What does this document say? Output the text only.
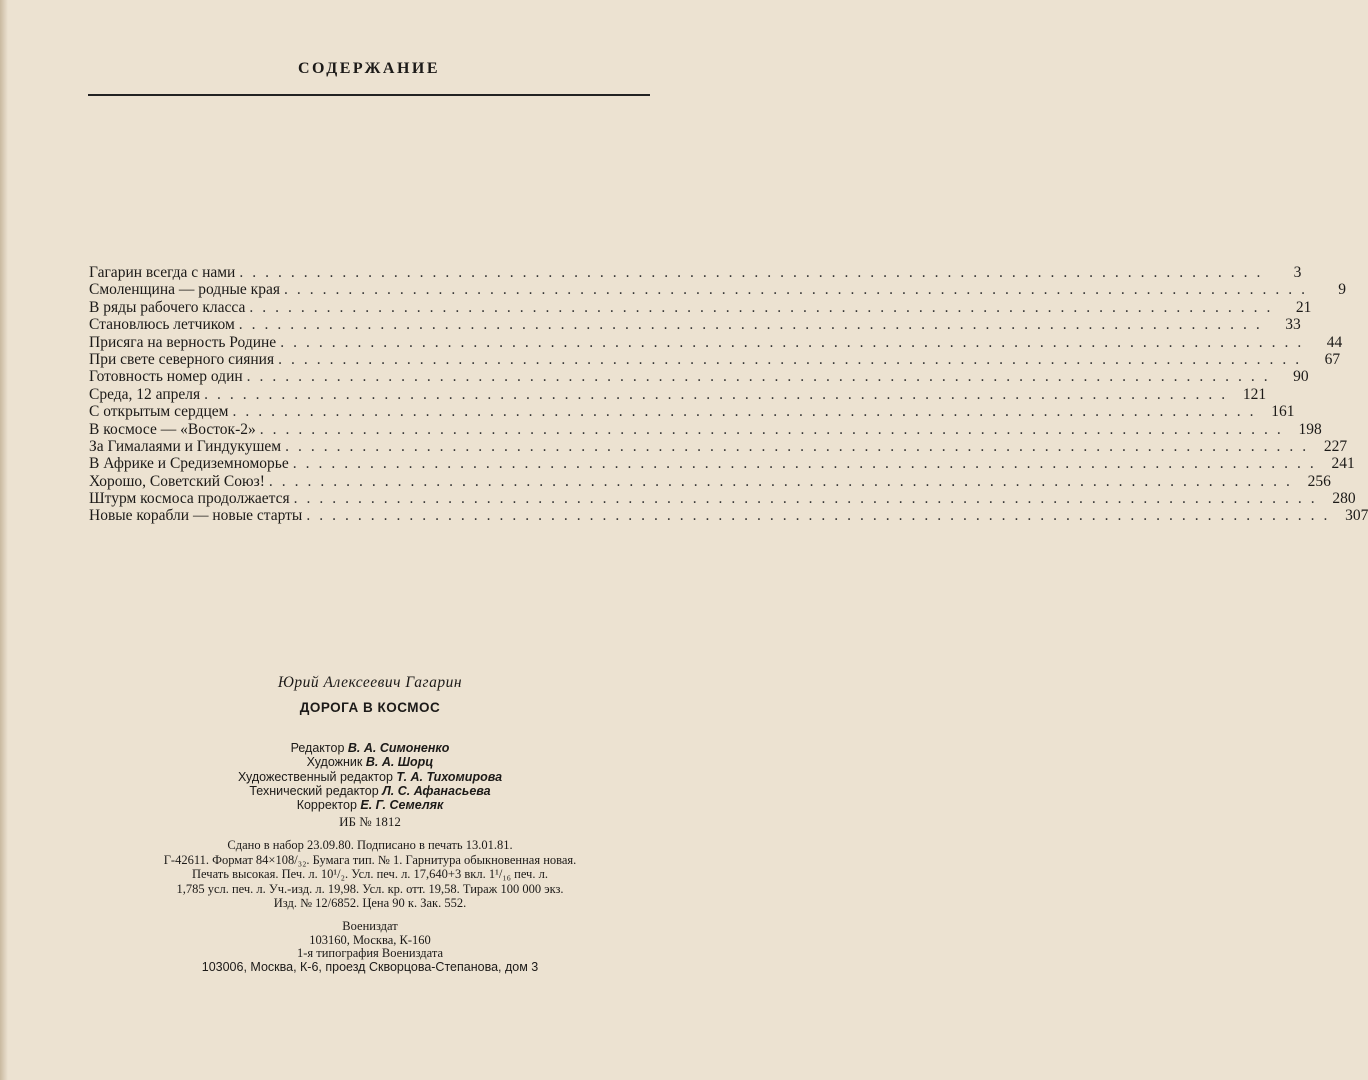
СОДЕРЖАНИЕ
Гагарин всегда с нами ................................................................................	3
Смоленщина — родные края ................................................................................	9
В ряды рабочего класса ................................................................................	21
Становлюсь летчиком ................................................................................	33
Присяга на верность Родине ................................................................................	44
При свете северного сияния ................................................................................	67
Готовность номер один ................................................................................	90
Среда, 12 апреля ................................................................................ 121
С открытым сердцем ................................................................................ 161
В космосе — «Восток-2» ................................................................................ 198
За Гималаями и Гиндукушем ................................................................................ 227
В Африке и Средиземноморье ................................................................................ 241
Хорошо, Советский Союз! ................................................................................ 256
Штурм космоса продолжается ................................................................................ 280
Новые корабли — новые старты ................................................................................ 307
Юрий Алексеевич Гагарин
ДОРОГА В КОСМОС
Редактор В. А. Симоненко
Художник В. А. Шорц
Художественный редактор Т. А. Тихомирова
Технический редактор Л. С. Афанасьева
Корректор Е. Г. Семеляк
ИБ № 1812
Сдано в набор 23.09.80. Подписано в печать 13.01.81.
Г-42611. Формат 84×108/₃₂. Бумага тип. № 1. Гарнитура обыкновенная новая.
Печать высокая. Печ. л. 10¹/₂. Усл. печ. л. 17,640+3 вкл. 1¹/₁₆ печ. л.
1,785 усл. печ. л. Уч.-изд. л. 19,98. Усл. кр. отт. 19,58. Тираж 100 000 экз.
Изд. № 12/6852. Цена 90 к. Зак. 552.
Воениздат
103160, Москва, К-160
1-я типография Воениздата
103006, Москва, К-6, проезд Скворцова-Степанова, дом 3
